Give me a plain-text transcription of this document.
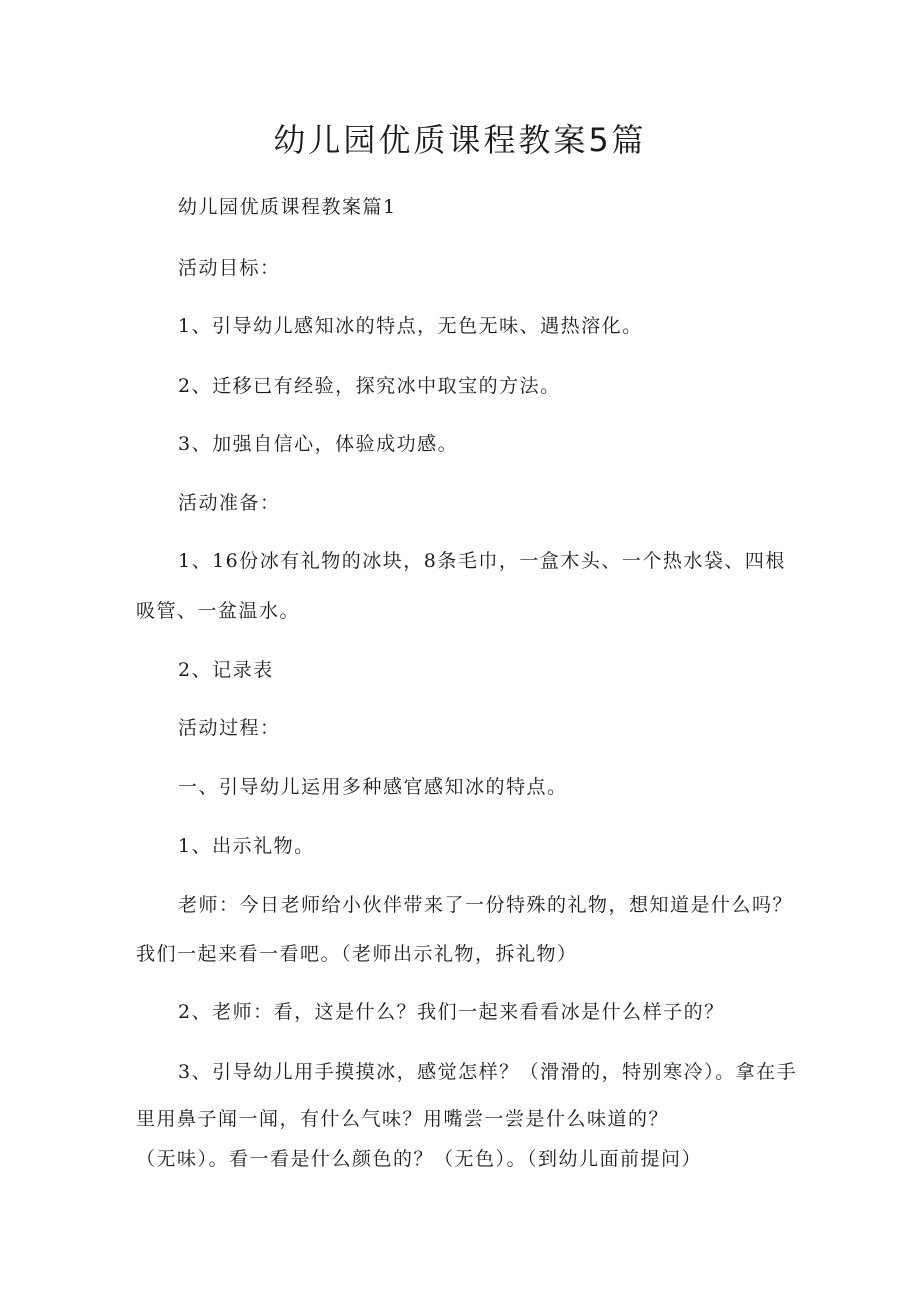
幼儿园优质课程教案5篇
幼儿园优质课程教案篇1
活动目标：
1、引导幼儿感知冰的特点，无色无味、遇热溶化。
2、迁移已有经验，探究冰中取宝的方法。
3、加强自信心，体验成功感。
活动准备：
1、16份冰有礼物的冰块，8条毛巾，一盒木头、一个热水袋、四根
吸管、一盆温水。
2、记录表
活动过程：
一、引导幼儿运用多种感官感知冰的特点。
1、出示礼物。
老师：今日老师给小伙伴带来了一份特殊的礼物，想知道是什么吗？
我们一起来看一看吧。（老师出示礼物，拆礼物）
2、老师：看，这是什么？我们一起来看看冰是什么样子的？
3、引导幼儿用手摸摸冰，感觉怎样？（滑滑的，特别寒冷）。拿在手
里用鼻子闻一闻，有什么气味？用嘴尝一尝是什么味道的？
（无味）。看一看是什么颜色的？（无色）。（到幼儿面前提问）
